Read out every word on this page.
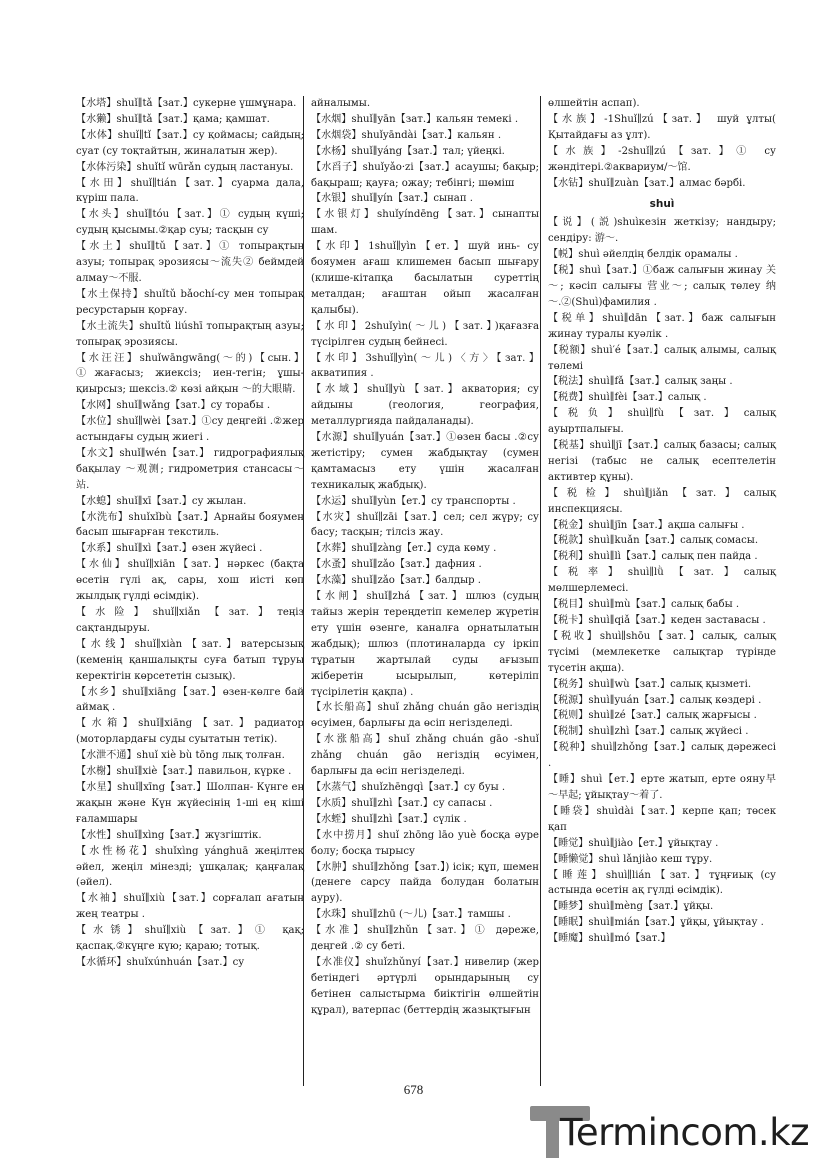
【水塔】shuǐ∥tǎ【зат.】сукерне үшмұнара.

【水獭】shuǐ∥tǎ【зат.】қама; қамшат.

【水体】shuǐ∥tǐ【зат.】су қоймасы; сайдың; суат (су тоқтайтын, жиналатын жер).

【水体污染】shuǐtǐ wūrǎn судың ластануы.

【水田】shuǐ∥tián【зат.】суарма дала, күріш пала.

【水头】shuǐ∥tóu【зат.】① судың күші; судың қысымы.②қар суы; тасқын су

【水土】shuǐ∥tǔ【зат.】① топырақтың азуы; топырақ эрозиясы～流失② беймдей алмау～不服.

【水土保持】shuǐtǔ bǎochí-су мен топырақ ресурстарын қорғау.

【水土流失】shuǐtǔ liúshī топырақтың азуы; топырақ эрозиясы.

【水汪汪】shuǐwāngwāng(～的)【сын.】①жағасыз; жиексіз; иен-тегін; ұшы-қиырсыз; шексіз.② көзі айқын ～的大眼睛.

【水网】shuǐ∥wǎng【зат.】су торабы .

【水位】shuǐ∥wèi【зат.】①су деңгейі .②жер астындағы судың жиегі .

【水文】shuǐ∥wén【зат.】 гидрографиялық бақылау ～观测; гидрометрия стансасы～站.

【水螅】shuǐ∥xī【зат.】су жылан.

【水洗布】shuǐxǐbù【зат.】Арнайы бояумен басып шығарған текстиль.

【水系】shuǐ∥xì【зат.】өзен жүйесі .

【水仙】shuǐ∥xiān【зат.】нәркес (бақта өсетін гүлі ақ, сары, хош иісті көп жылдық гүлді өсімдік).

【水险】shuǐ∥xiǎn【зат.】теңіз сақтандыруы.

【水线】shuǐ∥xiàn【зат.】ватерсызық (кеменің қаншалықты суға батып тұруы керектігін көрсететін сызық).

【水乡】shuǐ∥xiāng【зат.】өзен-көлге бай аймақ .

【水箱】shuǐ∥xiāng【зат.】радиатор (моторлардағы суды суытатын тетік).

【水泄不通】shuǐ xiè bù tōng лық толған.

【水榭】shuǐ∥xiè【зат.】павильон, күрке .

【水星】shuǐ∥xīng【зат.】Шолпан- Күнге ең жақын және Күн жүйесінің 1-ші ең кіші ғаламшары

【水性】shuǐ∥xìng【зат.】жүзгіштік.

【水性杨花】shuǐxìng yánghuā жеңілтек әйел, жеңіл мінезді; ұшқалақ; қаңғалақ (әйел).

【水袖】shuǐ∥xiù【зат.】сорғалап ағатын жең театры .

【水锈】shuǐ∥xiù【зат.】① қақ; қаспақ.②күңге күю; қараю; тотық.

【水循环】shuǐxúnhuán【зат.】су

айналымы.

【水烟】shuǐ∥yān【зат.】кальян темекі .

【水烟袋】shuǐyāndài【зат.】кальян .

【水杨】shuǐ∥yáng【зат.】тал; үйеңкі.

【水舀子】shuǐyǎo·zi【зат.】асаушы; бақыр; бақыраш; қауға; ожау; тебінгі; шөміш

【水银】shuǐ∥yín【зат.】сынап .

【水银灯】shuǐyíndēng【зат.】сынапты шам.

【水印】1shuǐ∥yìn【ет.】шуй инь- су бояумен ағаш клишемен басып шығару (клише-кітапқа басылатын суреттің металдан; ағаштан ойып жасалған қалыбы).

【水印】2shuǐyìn(～儿)【зат.】)қағазға түсірілген судың бейнесі.

【水印】3shuǐ∥yìn(～儿)〈方〉【зат.】акватипия .

【水域】shuǐ∥yù【зат.】акватория; су айдыны (геология, география, металлургияда пайдаланады).

【水源】shuǐ∥yuán【зат.】①өзен басы .②су жетістіру; сумен жабдықтау (сумен қамтамасыз ету үшін жасалған техникалық жабдық).

【水运】shuǐ∥yùn【ет.】су транспорты .

【水灾】shuǐ∥zāi【зат.】сел; сел жүру; су басу; тасқын; тілсіз жау.

【水葬】shuǐ∥zàng【ет.】суда көму .

【水蚤】shuǐ∥zǎo【зат.】дафния .

【水藻】shuǐ∥zǎo【зат.】балдыр .

【水闸】shuǐ∥zhá【зат.】шлюз (судың тайыз жерін тереңдетіп кемелер жүретін ету үшін өзенге, каналға орнатылатын жабдық); шлюз (плотиналарда су іркіп тұратын жартылай суды ағызып жіберетін ысырылып, көтеріліп түсірілетін қақпа) .

【水长船高】shuǐ zhǎng chuán gāo негіздің өсуімен, барлығы да өсіп негізделеді.

【水涨船高】shuǐ zhǎng chuán gāo -shuǐ zhǎng chuán gāo негіздің өсуімен, барлығы да өсіп негізделеді.

【水蒸气】shuǐzhēngqì【зат.】су буы .

【水质】shuǐ∥zhì【зат.】су сапасы .

【水蛭】shuǐ∥zhì【зат.】сүлік .

【水中捞月】shuǐ zhōng lāo yuè босқа әуре болу; босқа тырысу

【水肿】shuǐ∥zhǒng【зат.】) ісік; құп, шемен (денеге сарсу пайда болудан болатын ауру).

【水珠】shuǐ∥zhū (～儿)【зат.】тамшы .

【水准】shuǐ∥zhǔn【зат.】① дәреже, деңгей .② су беті.

【水准仪】shuǐzhǔnyí【зат.】нивелир (жер бетіндегі әртүрлі орындарының су бетінен салыстырма биіктігін өлшейтін құрал), ватерпас (беттердің жазықтығын

өлшейтін аспап).

【水族】-1Shuǐ∥zú【зат.】 шуй ұлты( Қытайдағы аз ұлт).

【水族】-2shuǐ∥zú【зат.】① су жәндітері.②аквариум/～馆.

【水钻】shuǐ∥zuàn【зат.】алмас бәрбі.

shuì

【说】(説)shuìкезін жеткізу; нандыру; сендіру: 游～.

【帨】shuì әйелдің белдік орамалы .

【税】shuì【зат.】①баж салығын жинау 关～; кәсіп салығы 营业～; салық төлеу 纳～.②(Shuì)фамилия .

【税单】shuì∥dān【зат.】баж салығын жинау туралы куәлік .

【税额】shuì′é【зат.】салық алымы, салық төлемі

【税法】shuì∥fǎ【зат.】салық заңы .

【税费】shuì∥fèi【зат.】салық .

【税负】shuì∥fù【зат.】салық ауыртпалығы.

【税基】shuì∥jī【зат.】салық базасы; салық негізі (табыс не салық есептелетін активтер құны).

【税检】shuì∥jiǎn【зат.】салық инспекциясы.

【税金】shuì∥jīn【зат.】ақша салығы .

【税款】shuì∥kuǎn【зат.】салық сомасы.

【税利】shuì∥lì【зат.】салық пен пайда .

【税率】shuì∥lǜ【зат.】салық мөлшерлемесі.

【税目】shuì∥mù【зат.】салық бабы .

【税卡】shuì∥qiǎ【зат.】кеден заставасы .

【税收】shuì∥shōu【зат.】салық, салық түсімі (мемлекетке салықтар түрінде түсетін ақша).

【税务】shuì∥wù【зат.】салық қызметі.

【税源】shuì∥yuán【зат.】салық көздері .

【税则】shuì∥zé【зат.】салық жарғысы .

【税制】shuì∥zhì【зат.】салық жүйесі .

【税种】shuì∥zhǒng【зат.】салық дәрежесі .

【睡】shuì【ет.】ерте жатып, ерте ояну早～早起; ұйықтау～着了.

【睡袋】shuìdài【зат.】керпе қап; төсек қап

【睡觉】shuì∥jiào【ет.】ұйықтау .

【睡懒觉】shuì lǎnjiào кеш тұру.

【睡莲】shuì∥lián【зат.】тұңғиық (су астында өсетін ақ гүлді өсімдік).

【睡梦】shuì∥mèng【зат.】ұйқы.

【睡眠】shuì∥mián【зат.】ұйқы, ұйықтау .

【睡魔】shuì∥mó【зат.】

678
Termincom.kz
